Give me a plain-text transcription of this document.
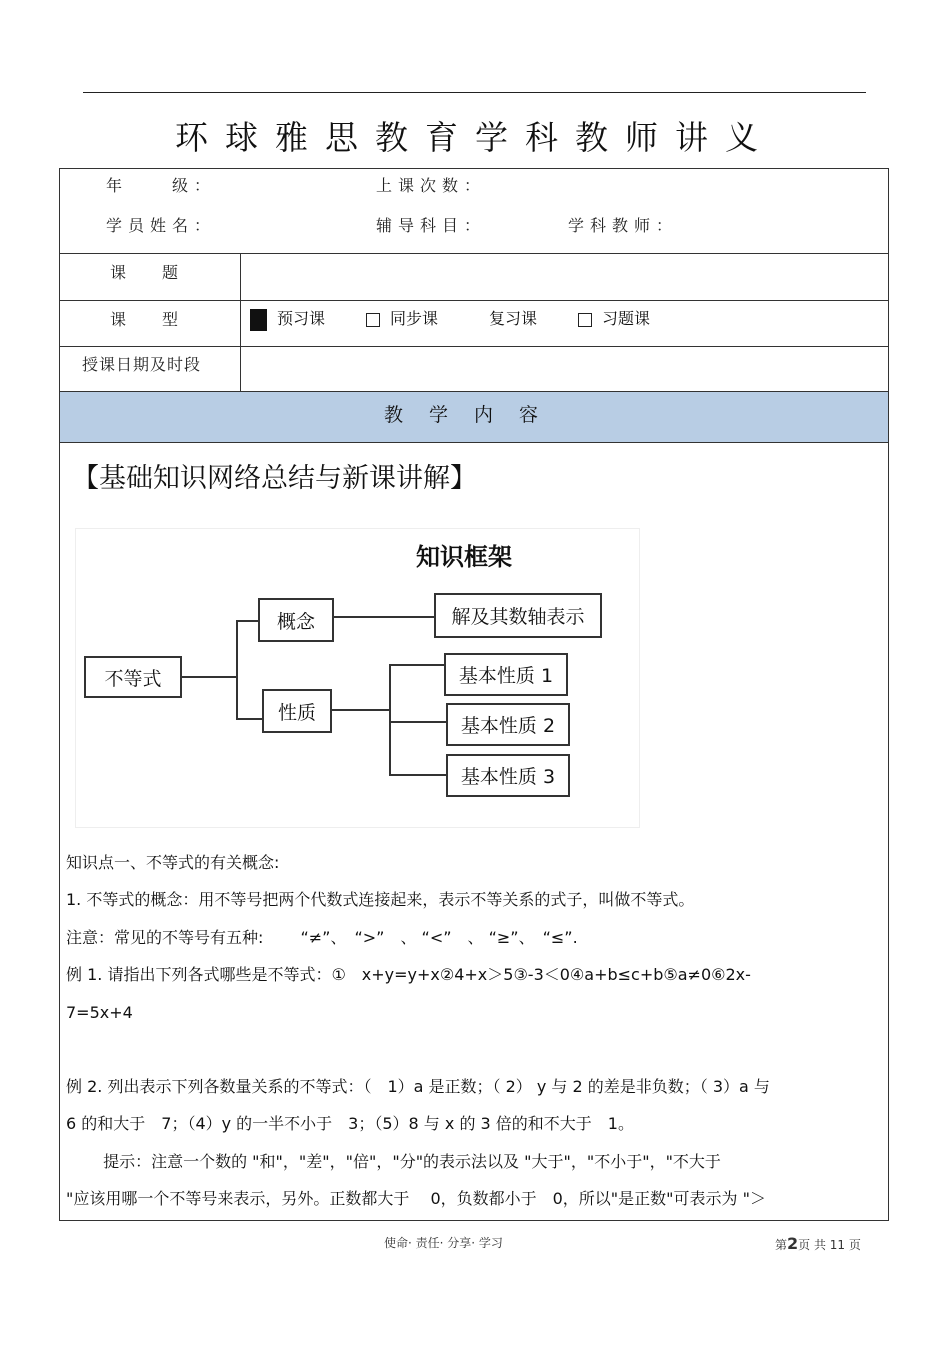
环球雅思教育学科教师讲义
年　　级：	上课次数：
学员姓名：	辅导科目：	学科教师：
课　题
课　型	预习课	同步课	复习课	习题课
授课日期及时段
教学内容
【基础知识网络总结与新课讲解】
知识框架
不等式
概念
性质
解及其数轴表示
基本性质 1
基本性质 2
基本性质 3
知识点一、不等式的有关概念:
1. 不等式的概念：用不等号把两个代数式连接起来，表示不等关系的式子，叫做不等式。
注意：常见的不等号有五种:　　 “≠”、　“>”　、 “<”　、 “≥”、　“≤”.
例 1. 请指出下列各式哪些是不等式：①　x+y=y+x②4+x＞5③-3＜0④a+b≤c+b⑤a≠0⑥2x-
7=5x+4
例 2. 列出表示下列各数量关系的不等式：（　1）a 是正数；（ 2） y 与 2 的差是非负数；（ 3）a 与
6 的和大于　7；（4）y 的一半不小于　3；（5）8 与 x 的 3 倍的和不大于　1。
　　 提示：注意一个数的 "和"，"差"，"倍"，"分"的表示法以及 "大于"，"不小于"，"不大于
"应该用哪一个不等号来表示，另外。正数都大于　 0，负数都小于　0，所以"是正数"可表示为 "＞
使命· 责任· 分享· 学习	第2页 共 11 页
